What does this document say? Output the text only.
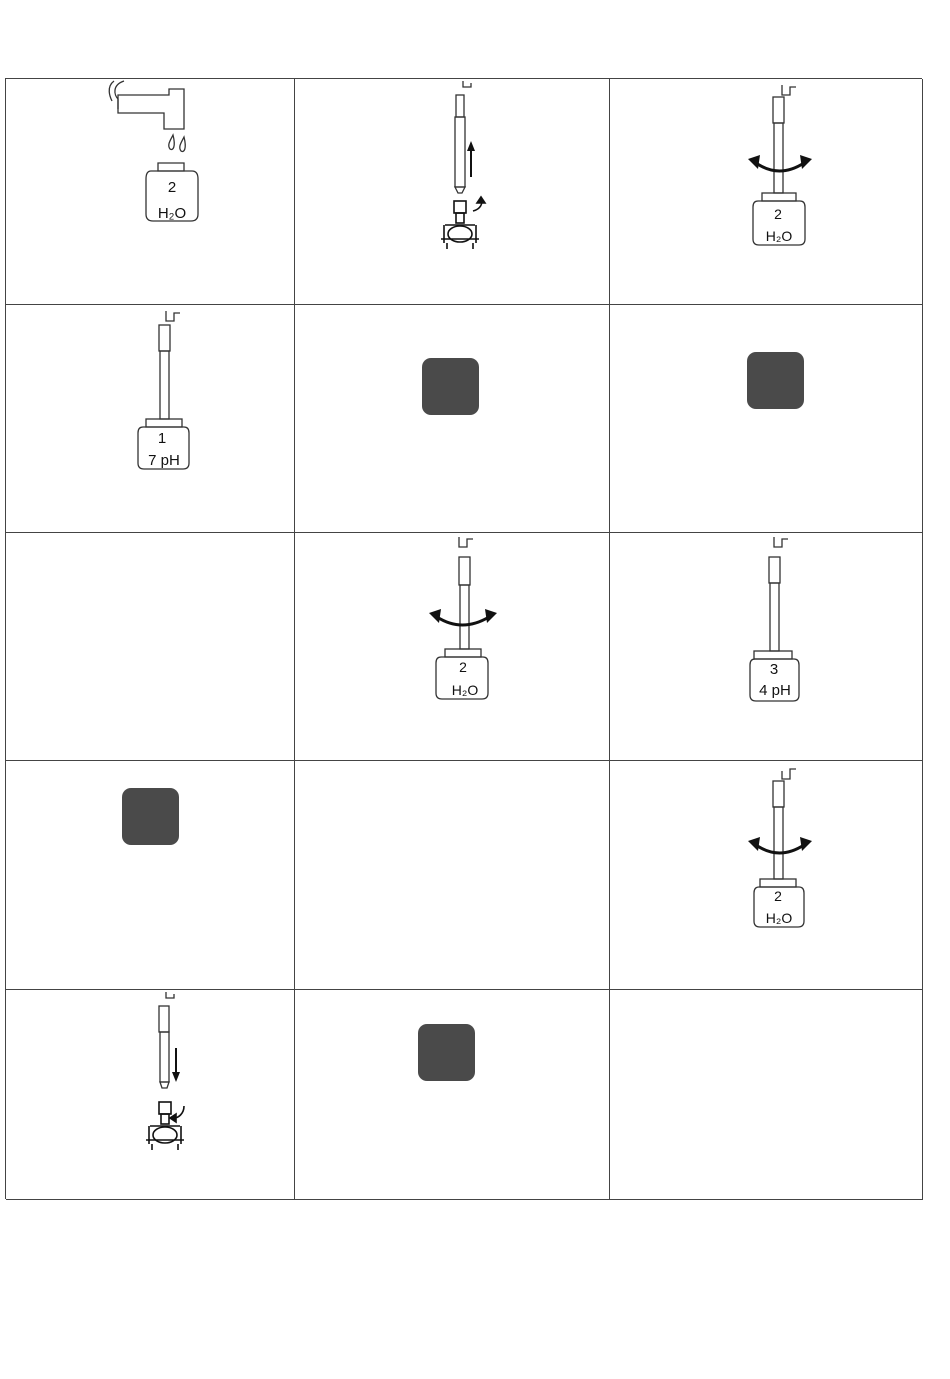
2
H₂O	2
H₂O
1
7 pH
2
H₂O
3
4 pH
2
H₂O
